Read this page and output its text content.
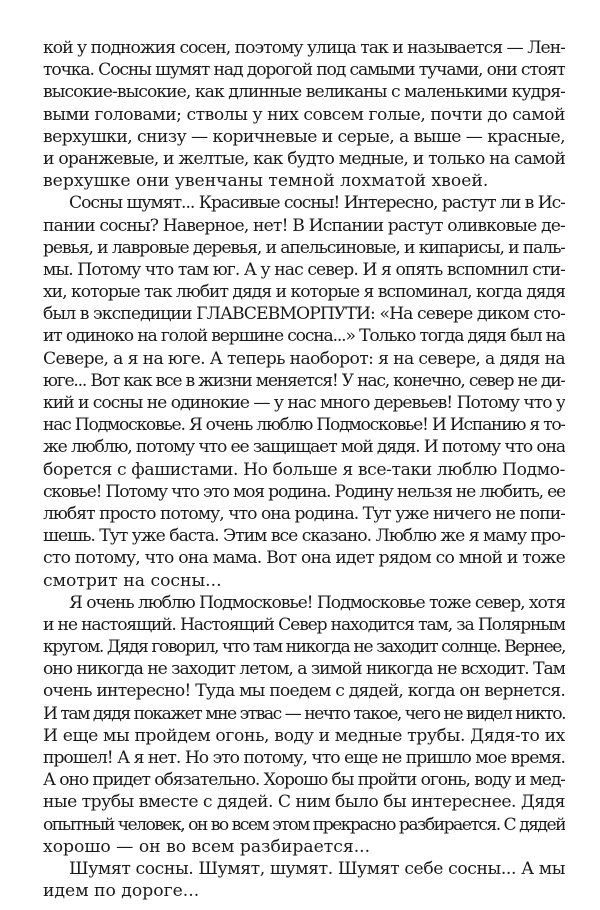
кой у подножия сосен, поэтому улица так и называется — Лен-
точка. Сосны шумят над дорогой под самыми тучами, они стоят
высокие-высокие, как длинные великаны с маленькими кудря-
выми головами; стволы у них совсем голые, почти до самой
верхушки, снизу — коричневые и серые, а выше — красные,
и оранжевые, и желтые, как будто медные, и только на самой
верхушке они увенчаны темной лохматой хвоей.
Сосны шумят... Красивые сосны! Интересно, растут ли в Ис-
пании сосны? Наверное, нет! В Испании растут оливковые де-
ревья, и лавровые деревья, и апельсиновые, и кипарисы, и паль-
мы. Потому что там юг. А у нас север. И я опять вспомнил сти-
хи, которые так любит дядя и которые я вспоминал, когда дядя
был в экспедиции ГЛАВСЕВМОРПУТИ: «На севере диком сто-
ит одиноко на голой вершине сосна...» Только тогда дядя был на
Севере, а я на юге. А теперь наоборот: я на севере, а дядя на
юге... Вот как все в жизни меняется! У нас, конечно, север не ди-
кий и сосны не одинокие — у нас много деревьев! Потому что у
нас Подмосковье. Я очень люблю Подмосковье! И Испанию я то-
же люблю, потому что ее защищает мой дядя. И потому что она
борется с фашистами. Но больше я все-таки люблю Подмо-
сковье! Потому что это моя родина. Родину нельзя не любить, ее
любят просто потому, что она родина. Тут уже ничего не попи-
шешь. Тут уже баста. Этим все сказано. Люблю же я маму про-
сто потому, что она мама. Вот она идет рядом со мной и тоже
смотрит на сосны...
Я очень люблю Подмосковье! Подмосковье тоже север, хотя
и не настоящий. Настоящий Север находится там, за Полярным
кругом. Дядя говорил, что там никогда не заходит солнце. Вернее,
оно никогда не заходит летом, а зимой никогда не всходит. Там
очень интересно! Туда мы поедем с дядей, когда он вернется.
И там дядя покажет мне этвас — нечто такое, чего не видел никто.
И еще мы пройдем огонь, воду и медные трубы. Дядя-то их
прошел! А я нет. Но это потому, что еще не пришло мое время.
А оно придет обязательно. Хорошо бы пройти огонь, воду и мед-
ные трубы вместе с дядей. С ним было бы интереснее. Дядя
опытный человек, он во всем этом прекрасно разбирается. С дядей
хорошо — он во всем разбирается...
Шумят сосны. Шумят, шумят. Шумят себе сосны... А мы
идем по дороге...
